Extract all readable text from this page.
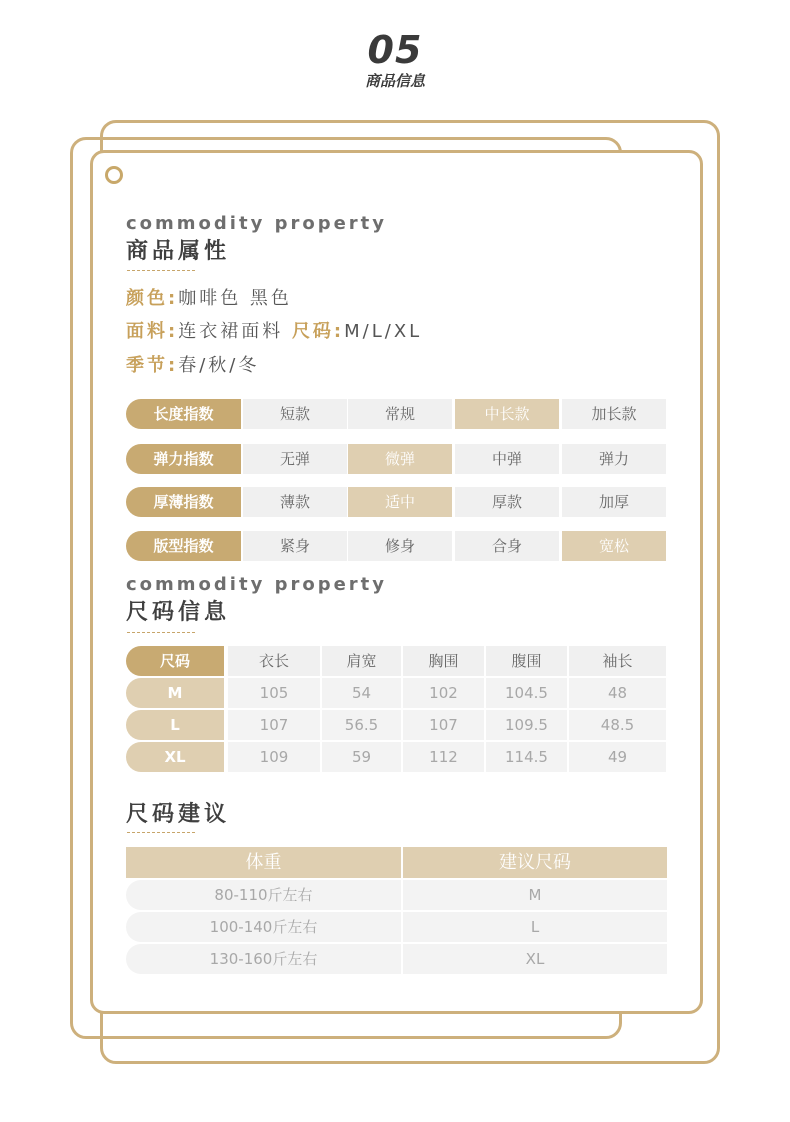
05
商品信息
commodity property
商品属性
颜色:咖啡色 黑色
面料:连衣裙面料 尺码:M/L/XL
季节:春/秋/冬
长度指数	短款	常规	中长款	加长款
弹力指数	无弹	微弹	中弹	弹力
厚薄指数	薄款	适中	厚款	加厚
版型指数	紧身	修身	合身	宽松
commodity property
尺码信息
尺码	衣长	肩宽	胸围	腹围	袖长
M	105	54	102	104.5	48
L	107	56.5	107	109.5	48.5
XL	109	59	112	114.5	49
尺码建议
体重	建议尺码
80-110斤左右	M
100-140斤左右	L
130-160斤左右	XL
